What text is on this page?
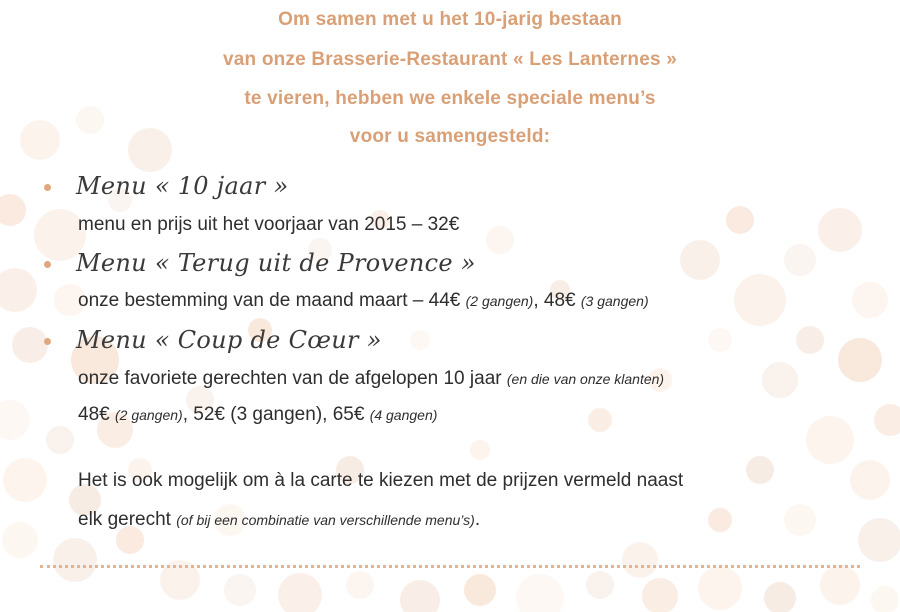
Om samen met u het 10-jarig bestaan
van onze Brasserie-Restaurant « Les Lanternes »
te vieren, hebben we enkele speciale menu’s
voor u samengesteld:
Menu « 10 jaar »
menu en prijs uit het voorjaar van 2015 – 32€
Menu « Terug uit de Provence »
onze bestemming van de maand maart – 44€ (2 gangen), 48€ (3 gangen)
Menu « Coup de Cœur »
onze favoriete gerechten van de afgelopen 10 jaar (en die van onze klanten)
48€ (2 gangen), 52€ (3 gangen), 65€ (4 gangen)
Het is ook mogelijk om à la carte te kiezen met de prijzen vermeld naast
elk gerecht (of bij een combinatie van verschillende menu’s).
